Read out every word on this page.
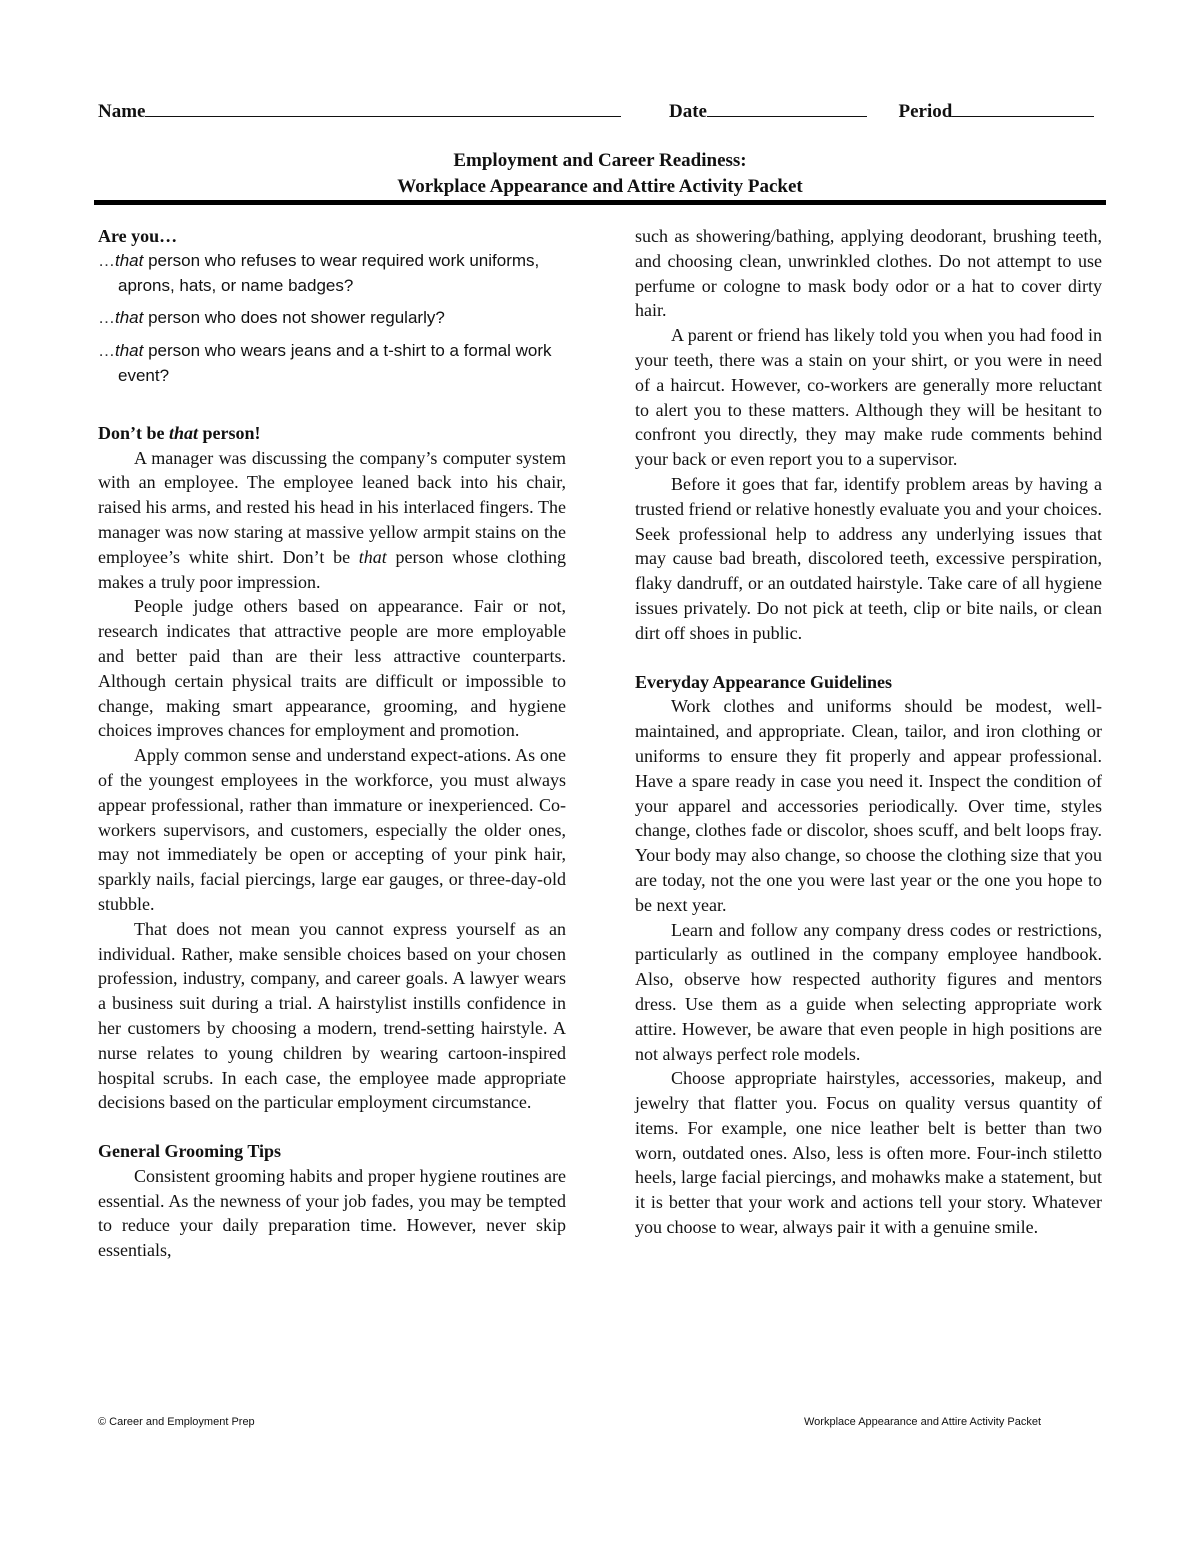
Name	Date	Period
Employment and Career Readiness:
Workplace Appearance and Attire Activity Packet
Are you…
…that person who refuses to wear required work uniforms, aprons, hats, or name badges?
…that person who does not shower regularly?
…that person who wears jeans and a t-shirt to a formal work event?
Don’t be that person!

A manager was discussing the company’s computer system with an employee. The employee leaned back into his chair, raised his arms, and rested his head in his interlaced fingers. The manager was now staring at massive yellow armpit stains on the employee’s white shirt. Don’t be that person whose clothing makes a truly poor impression.

People judge others based on appearance. Fair or not, research indicates that attractive people are more employable and better paid than are their less attractive counterparts. Although certain physical traits are difficult or impossible to change, making smart appearance, grooming, and hygiene choices improves chances for employment and promotion.

Apply common sense and understand expect-ations. As one of the youngest employees in the workforce, you must always appear professional, rather than immature or inexperienced. Co-workers supervisors, and customers, especially the older ones, may not immediately be open or accepting of your pink hair, sparkly nails, facial piercings, large ear gauges, or three-day-old stubble.

That does not mean you cannot express yourself as an individual. Rather, make sensible choices based on your chosen profession, industry, company, and career goals. A lawyer wears a business suit during a trial. A hairstylist instills confidence in her customers by choosing a modern, trend-setting hairstyle. A nurse relates to young children by wearing cartoon-inspired hospital scrubs. In each case, the employee made appropriate decisions based on the particular employment circumstance.

General Grooming Tips

Consistent grooming habits and proper hygiene routines are essential. As the newness of your job fades, you may be tempted to reduce your daily preparation time. However, never skip essentials,

such as showering/bathing, applying deodorant, brushing teeth, and choosing clean, unwrinkled clothes. Do not attempt to use perfume or cologne to mask body odor or a hat to cover dirty hair.

A parent or friend has likely told you when you had food in your teeth, there was a stain on your shirt, or you were in need of a haircut. However, co-workers are generally more reluctant to alert you to these matters. Although they will be hesitant to confront you directly, they may make rude comments behind your back or even report you to a supervisor.

Before it goes that far, identify problem areas by having a trusted friend or relative honestly evaluate you and your choices. Seek professional help to address any underlying issues that may cause bad breath, discolored teeth, excessive perspiration, flaky dandruff, or an outdated hairstyle. Take care of all hygiene issues privately. Do not pick at teeth, clip or bite nails, or clean dirt off shoes in public.

Everyday Appearance Guidelines

Work clothes and uniforms should be modest, well-maintained, and appropriate. Clean, tailor, and iron clothing or uniforms to ensure they fit properly and appear professional. Have a spare ready in case you need it. Inspect the condition of your apparel and accessories periodically. Over time, styles change, clothes fade or discolor, shoes scuff, and belt loops fray. Your body may also change, so choose the clothing size that you are today, not the one you were last year or the one you hope to be next year.

Learn and follow any company dress codes or restrictions, particularly as outlined in the company employee handbook. Also, observe how respected authority figures and mentors dress. Use them as a guide when selecting appropriate work attire. However, be aware that even people in high positions are not always perfect role models.

Choose appropriate hairstyles, accessories, makeup, and jewelry that flatter you. Focus on quality versus quantity of items. For example, one nice leather belt is better than two worn, outdated ones. Also, less is often more. Four-inch stiletto heels, large facial piercings, and mohawks make a statement, but it is better that your work and actions tell your story. Whatever you choose to wear, always pair it with a genuine smile.

© Career and Employment Prep	Workplace Appearance and Attire Activity Packet
